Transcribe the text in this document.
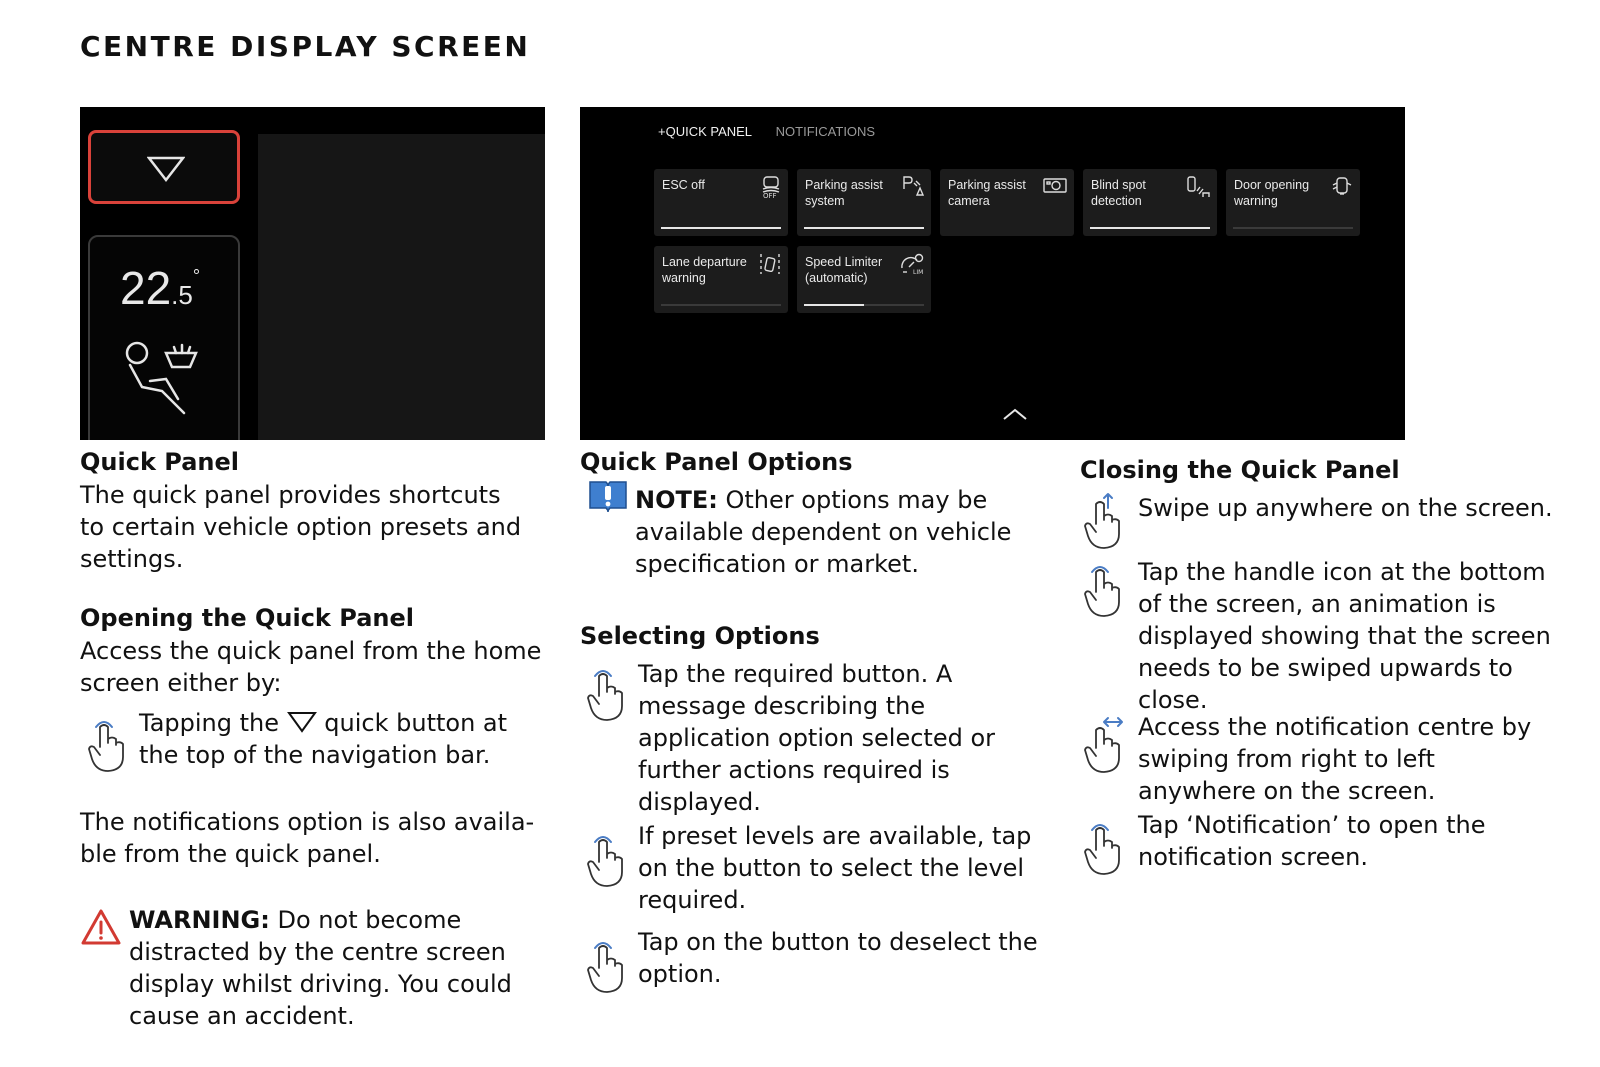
CENTRE DISPLAY SCREEN
22.5°
+QUICK PANEL NOTIFICATIONS
ESC off
OFF
Parking assist system
Parking assist camera
Blind spot detection
Door opening warning
Lane departure warning
Speed Limiter (automatic)	LIM
Quick Panel

The quick panel provides shortcuts to certain vehicle option presets and settings.

Opening the Quick Panel

Access the quick panel from the home screen either by:

Tapping the quick button at the top of the navigation bar.

The notifications option is also availa-ble from the quick panel.

WARNING: Do not become distracted by the centre screen display whilst driving. You could cause an accident.

Quick Panel Options

NOTE: Other options may be available dependent on vehicle specification or market.

Selecting Options

Tap the required button. A message describing the application option selected or further actions required is displayed.

If preset levels are available, tap on the button to select the level required.

Tap on the button to deselect the option.

Closing the Quick Panel

Swipe up anywhere on the screen.

Tap the handle icon at the bottom of the screen, an animation is displayed showing that the screen needs to be swiped upwards to close.

Access the notification centre by swiping from right to left anywhere on the screen.

Tap ‘Notification’ to open the notification screen.
